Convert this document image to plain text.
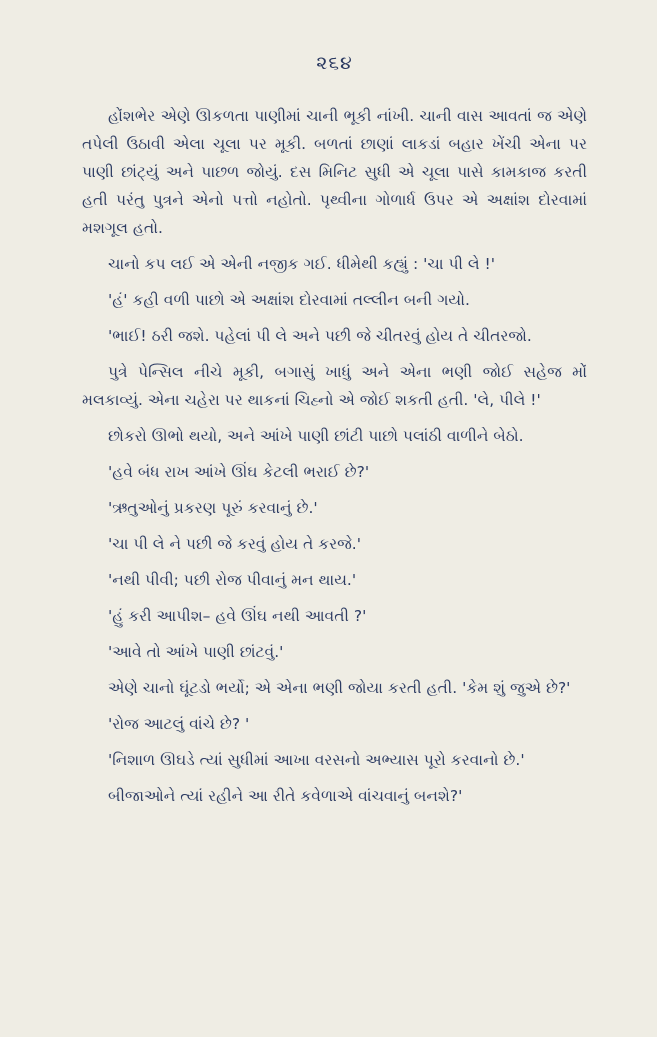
૨૬૪

હોંશભેર એણે ઊકળતા પાણીમાં ચાની ભૂકી નાંખી. ચાની વાસ આવતાં જ એણે તપેલી ઉઠાવી એલા ચૂલા પર મૂકી. બળતાં છાણાં લાકડાં બહાર ખેંચી એના પર પાણી છાંટ્યું અને પાછળ જોયું. દસ મિનિટ સુધી એ ચૂલા પાસે કામકાજ કરતી હતી પરંતુ પુત્રને એનો પત્તો નહોતો. પૃથ્વીના ગોળાર્ધ ઉપર એ અક્ષાંશ દોરવામાં મશગૂલ હતો.

ચાનો કપ લઈ એ એની નજીક ગઈ. ધીમેથી કહ્યું : 'ચા પી લે !'

'હં' કહી વળી પાછો એ અક્ષાંશ દોરવામાં તલ્લીન બની ગયો.

'ભાઈ! ઠરી જશે. પહેલાં પી લે અને પછી જે ચીતરવું હોય તે ચીતરજો.

પુત્રે પેન્સિલ નીચે મૂકી, બગાસું ખાધું અને એના ભણી જોઈ સહેજ મોં મલકાવ્યું. એના ચહેરા પર થાકનાં ચિહ્નો એ જોઈ શકતી હતી. 'લે, પીલે !'

છોકરો ઊભો થયો, અને આંખે પાણી છાંટી પાછો પલાંઠી વાળીને બેઠો.

'હવે બંધ રાખ આંખે ઊંઘ કેટલી ભરાઈ છે?'

'ઋતુઓનું પ્રકરણ પૂરું કરવાનું છે.'

'ચા પી લે ને પછી જે કરવું હોય તે કરજે.'

'નથી પીવી; પછી રોજ પીવાનું મન થાય.'

'હું કરી આપીશ– હવે ઊંઘ નથી આવતી ?'

'આવે તો આંખે પાણી છાંટવું.'

એણે ચાનો ઘૂંટડો ભર્યો; એ એના ભણી જોયા કરતી હતી. 'કેમ શું જુએ છે?'

'રોજ આટલું વાંચે છે? '

'નિશાળ ઊઘડે ત્યાં સુધીમાં આખા વરસનો અભ્યાસ પૂરો કરવાનો છે.'

બીજાઓને ત્યાં રહીને આ રીતે કવેળાએ વાંચવાનું બનશે?'
